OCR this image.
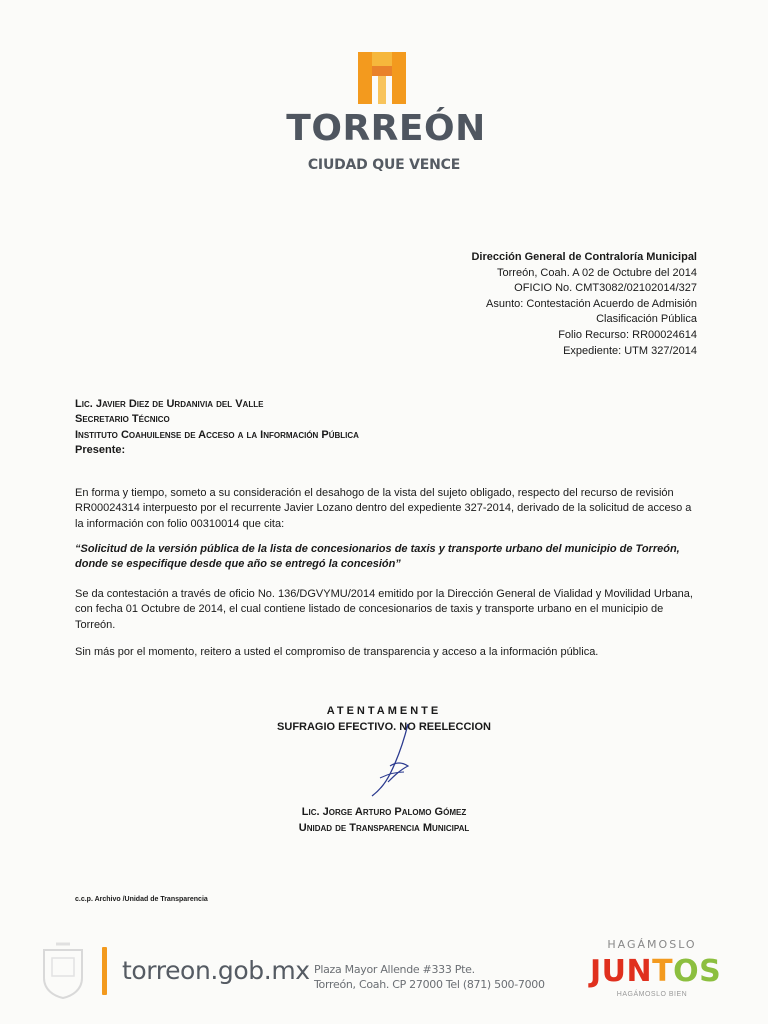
TORREÓN
CIUDAD QUE VENCE
Dirección General de Contraloría Municipal
Torreón, Coah. A 02 de Octubre del 2014
OFICIO No. CMT3082/02102014/327
Asunto: Contestación Acuerdo de Admisión
Clasificación Pública
Folio Recurso: RR00024614
Expediente: UTM 327/2014
Lic. Javier Diez de Urdanivia del Valle
Secretario Técnico
Instituto Coahuilense de Acceso a la Información Pública
Presente:
En forma y tiempo, someto a su consideración el desahogo de la vista del sujeto obligado, respecto del recurso de revisión RR00024314 interpuesto por el recurrente Javier Lozano dentro del expediente 327-2014, derivado de la solicitud de acceso a la información con folio 00310014 que cita:
“Solicitud de la versión pública de la lista de concesionarios de taxis y transporte urbano del municipio de Torreón, donde se especifique desde que año se entregó la concesión”
Se da contestación a través de oficio No. 136/DGVYMU/2014 emitido por la Dirección General de Vialidad y Movilidad Urbana, con fecha 01 Octubre de 2014, el cual contiene listado de concesionarios de taxis y transporte urbano en el municipio de Torreón.
Sin más por el momento, reitero a usted el compromiso de transparencia y acceso a la información pública.
ATENTAMENTE
SUFRAGIO EFECTIVO. NO REELECCION
Lic. Jorge Arturo Palomo Gómez
Unidad de Transparencia Municipal
c.c.p. Archivo /Unidad de Transparencia
torreon.gob.mx Plaza Mayor Allende #333 Pte.
Torreón, Coah. CP 27000 Tel (871) 500-7000
HAGÁMOSLO
JUNTOS
HAGÁMOSLO BIEN
